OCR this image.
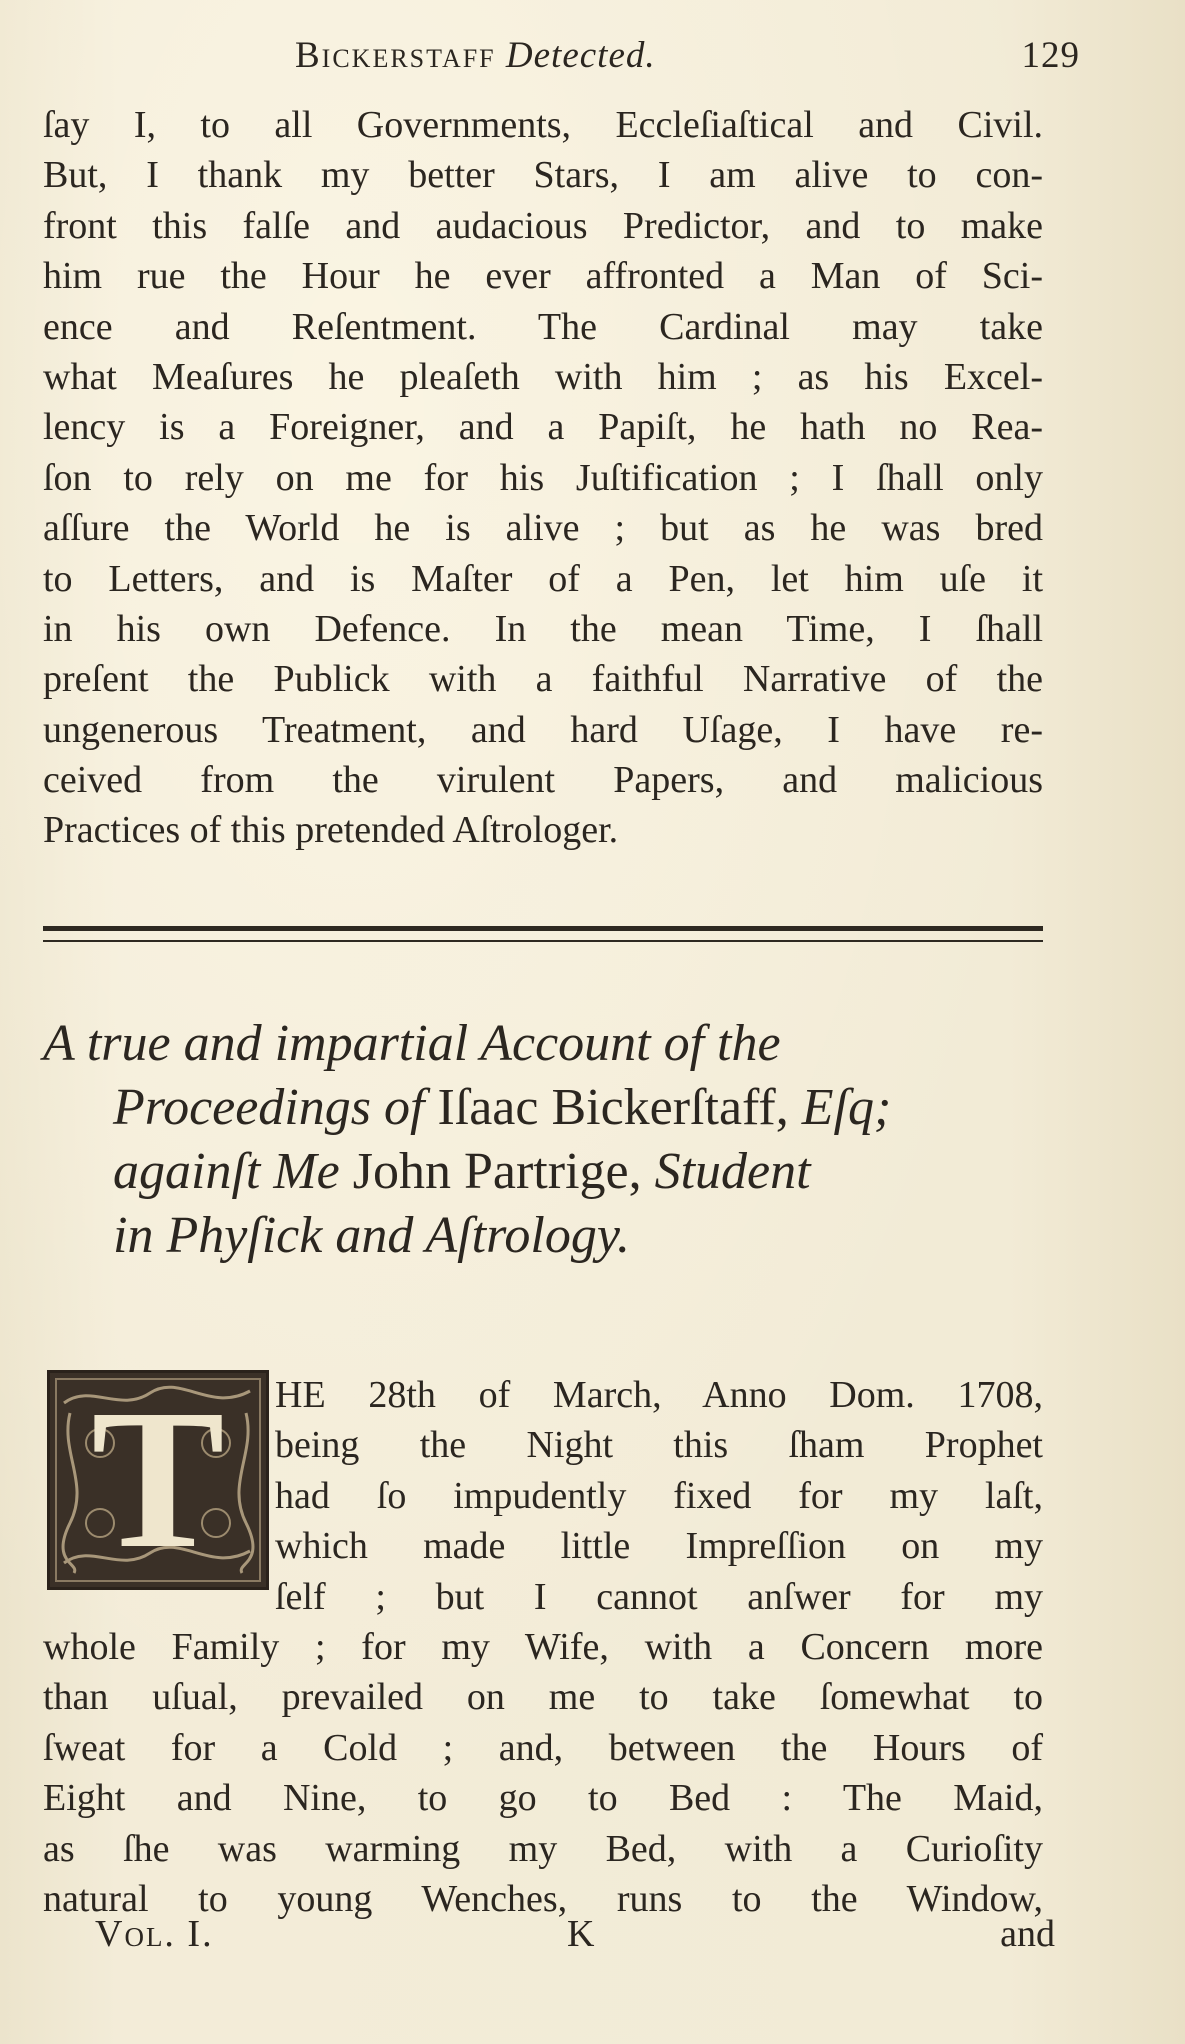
Bickerstaff Detected.	129
ſay I, to all Governments, Eccleſiaſtical and Civil.
But, I thank my better Stars, I am alive to con-
front this falſe and audacious Predictor, and to make
him rue the Hour he ever affronted a Man of Sci-
ence and Reſentment. The Cardinal may take
what Meaſures he pleaſeth with him ; as his Excel-
lency is a Foreigner, and a Papiſt, he hath no Rea-
ſon to rely on me for his Juſtification ; I ſhall only
aſſure the World he is alive ; but as he was bred
to Letters, and is Maſter of a Pen, let him uſe it
in his own Defence. In the mean Time, I ſhall
preſent the Publick with a faithful Narrative of the
ungenerous Treatment, and hard Uſage, I have re-
ceived from the virulent Papers, and malicious
Practices of this pretended Aſtrologer.
A true and impartial Account of the
Proceedings of Iſaac Bickerſtaff, Eſq;
againſt Me John Partrige, Student
in Phyſick and Aſtrology.
T	HE 28th of March, Anno Dom. 1708,
being the Night this ſham Prophet
had ſo impudently fixed for my laſt,
which made little Impreſſion on my
ſelf ; but I cannot anſwer for my
whole Family ; for my Wife, with a Concern more
than uſual, prevailed on me to take ſomewhat to
ſweat for a Cold ; and, between the Hours of
Eight and Nine, to go to Bed : The Maid,
as ſhe was warming my Bed, with a Curioſity
natural to young Wenches, runs to the Window,
Vol. I.	K	and
